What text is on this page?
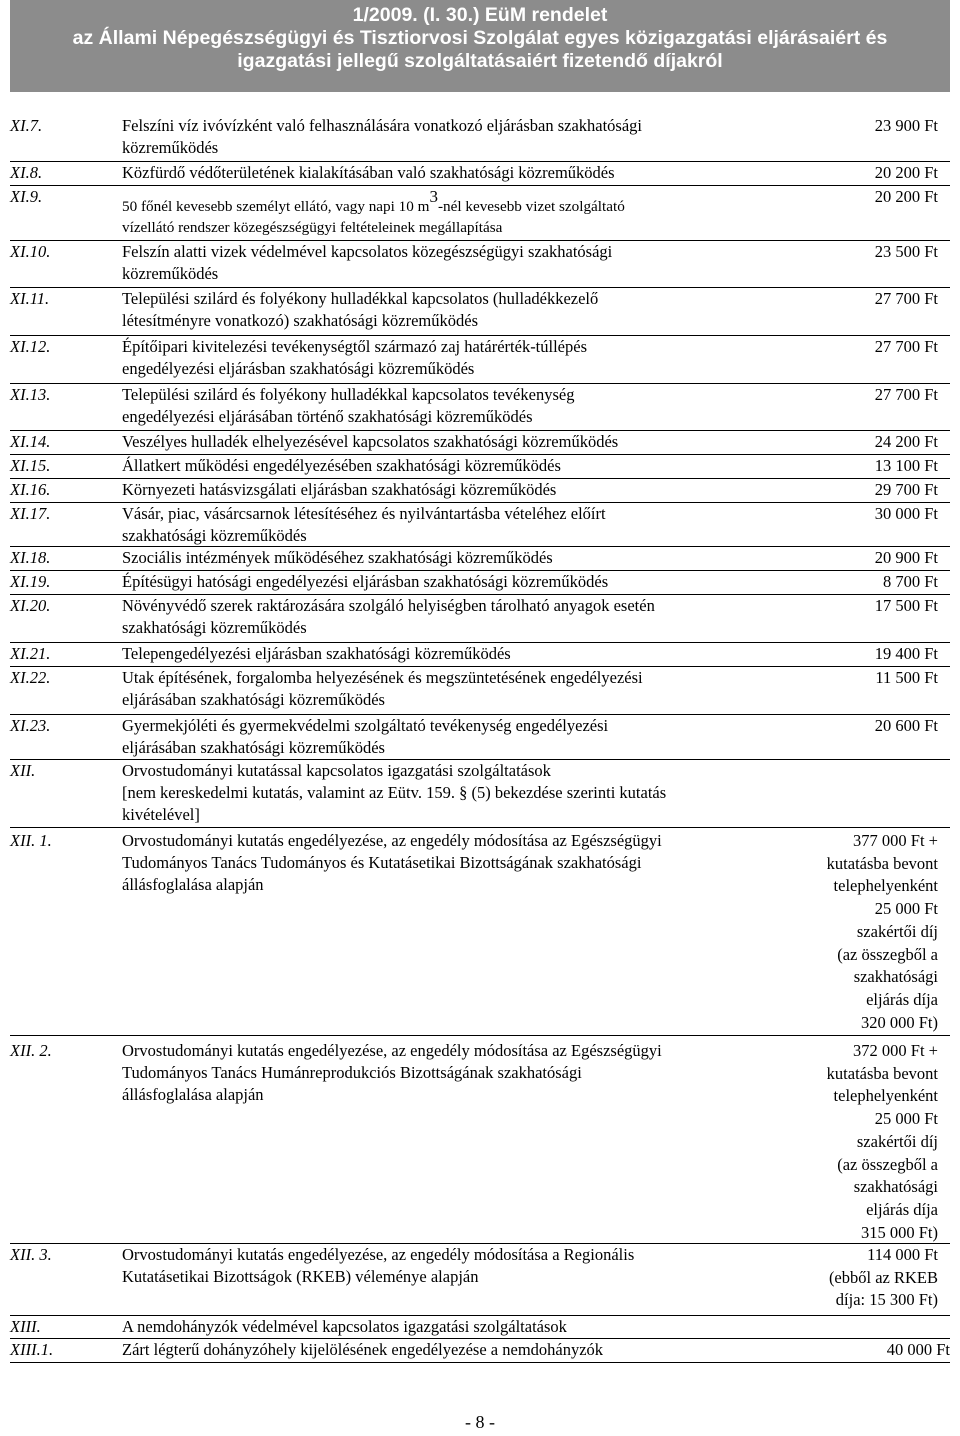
1/2009. (I. 30.) EüM rendelet
az Állami Népegészségügyi és Tisztiorvosi Szolgálat egyes közigazgatási eljárásaiért és
igazgatási jellegű szolgáltatásaiért fizetendő díjakról
XI.7.	Felszíni víz ivóvízként való felhasználására vonatkozó eljárásban szakhatósági
közreműködés
23 900 Ft
XI.8.	Közfürdő védőterületének kialakításában való szakhatósági közreműködés	20 200 Ft
XI.9.
50 főnél kevesebb személyt ellátó, vagy napi 10 $m^3$-nél kevesebb vizet szolgáltató
vízellátó rendszer közegészségügyi feltételeinek megállapítása
20 200 Ft
XI.10.	Felszín alatti vizek védelmével kapcsolatos közegészségügyi szakhatósági
közreműködés
23 500 Ft
XI.11.	Települési szilárd és folyékony hulladékkal kapcsolatos (hulladékkezelő
létesítményre vonatkozó) szakhatósági közreműködés
27 700 Ft
XI.12.	Építőipari kivitelezési tevékenységtől származó zaj határérték-túllépés
engedélyezési eljárásban szakhatósági közreműködés
27 700 Ft
XI.13.	Települési szilárd és folyékony hulladékkal kapcsolatos tevékenység
engedélyezési eljárásában történő szakhatósági közreműködés
27 700 Ft
XI.14.	Veszélyes hulladék elhelyezésével kapcsolatos szakhatósági közreműködés	24 200 Ft
XI.15.	Állatkert működési engedélyezésében szakhatósági közreműködés	13 100 Ft
XI.16.	Környezeti hatásvizsgálati eljárásban szakhatósági közreműködés	29 700 Ft
XI.17.	Vásár, piac, vásárcsarnok létesítéséhez és nyilvántartásba vételéhez előírt
szakhatósági közreműködés
30 000 Ft
XI.18.	Szociális intézmények működéséhez szakhatósági közreműködés	20 900 Ft
XI.19.	Építésügyi hatósági engedélyezési eljárásban szakhatósági közreműködés	8 700 Ft
XI.20.	Növényvédő szerek raktározására szolgáló helyiségben tárolható anyagok esetén
szakhatósági közreműködés
17 500 Ft
XI.21.	Telepengedélyezési eljárásban szakhatósági közreműködés	19 400 Ft
XI.22.	Utak építésének, forgalomba helyezésének és megszüntetésének engedélyezési
eljárásában szakhatósági közreműködés
11 500 Ft
XI.23.	Gyermekjóléti és gyermekvédelmi szolgáltató tevékenység engedélyezési
eljárásában szakhatósági közreműködés
20 600 Ft
XII.	Orvostudományi kutatással kapcsolatos igazgatási szolgáltatások
[nem kereskedelmi kutatás, valamint az Eütv. 159. § (5) bekezdése szerinti kutatás
kivételével]
XII. 1.	Orvostudományi kutatás engedélyezése, az engedély módosítása az Egészségügyi
Tudományos Tanács Tudományos és Kutatásetikai Bizottságának szakhatósági
állásfoglalása alapján
377 000 Ft +
kutatásba bevont
telephelyenként
25 000 Ft
szakértői díj
(az összegből a
szakhatósági
eljárás díja
320 000 Ft)
XII. 2.	Orvostudományi kutatás engedélyezése, az engedély módosítása az Egészségügyi
Tudományos Tanács Humánreprodukciós Bizottságának szakhatósági
állásfoglalása alapján
372 000 Ft +
kutatásba bevont
telephelyenként
25 000 Ft
szakértői díj
(az összegből a
szakhatósági
eljárás díja
315 000 Ft)
XII. 3.	Orvostudományi kutatás engedélyezése, az engedély módosítása a Regionális
Kutatásetikai Bizottságok (RKEB) véleménye alapján
114 000 Ft
(ebből az RKEB
díja: 15 300 Ft)
XIII.	A nemdohányzók védelmével kapcsolatos igazgatási szolgáltatások
XIII.1.	Zárt légterű dohányzóhely kijelölésének engedélyezése a nemdohányzók	40 000 Ft
- 8 -
